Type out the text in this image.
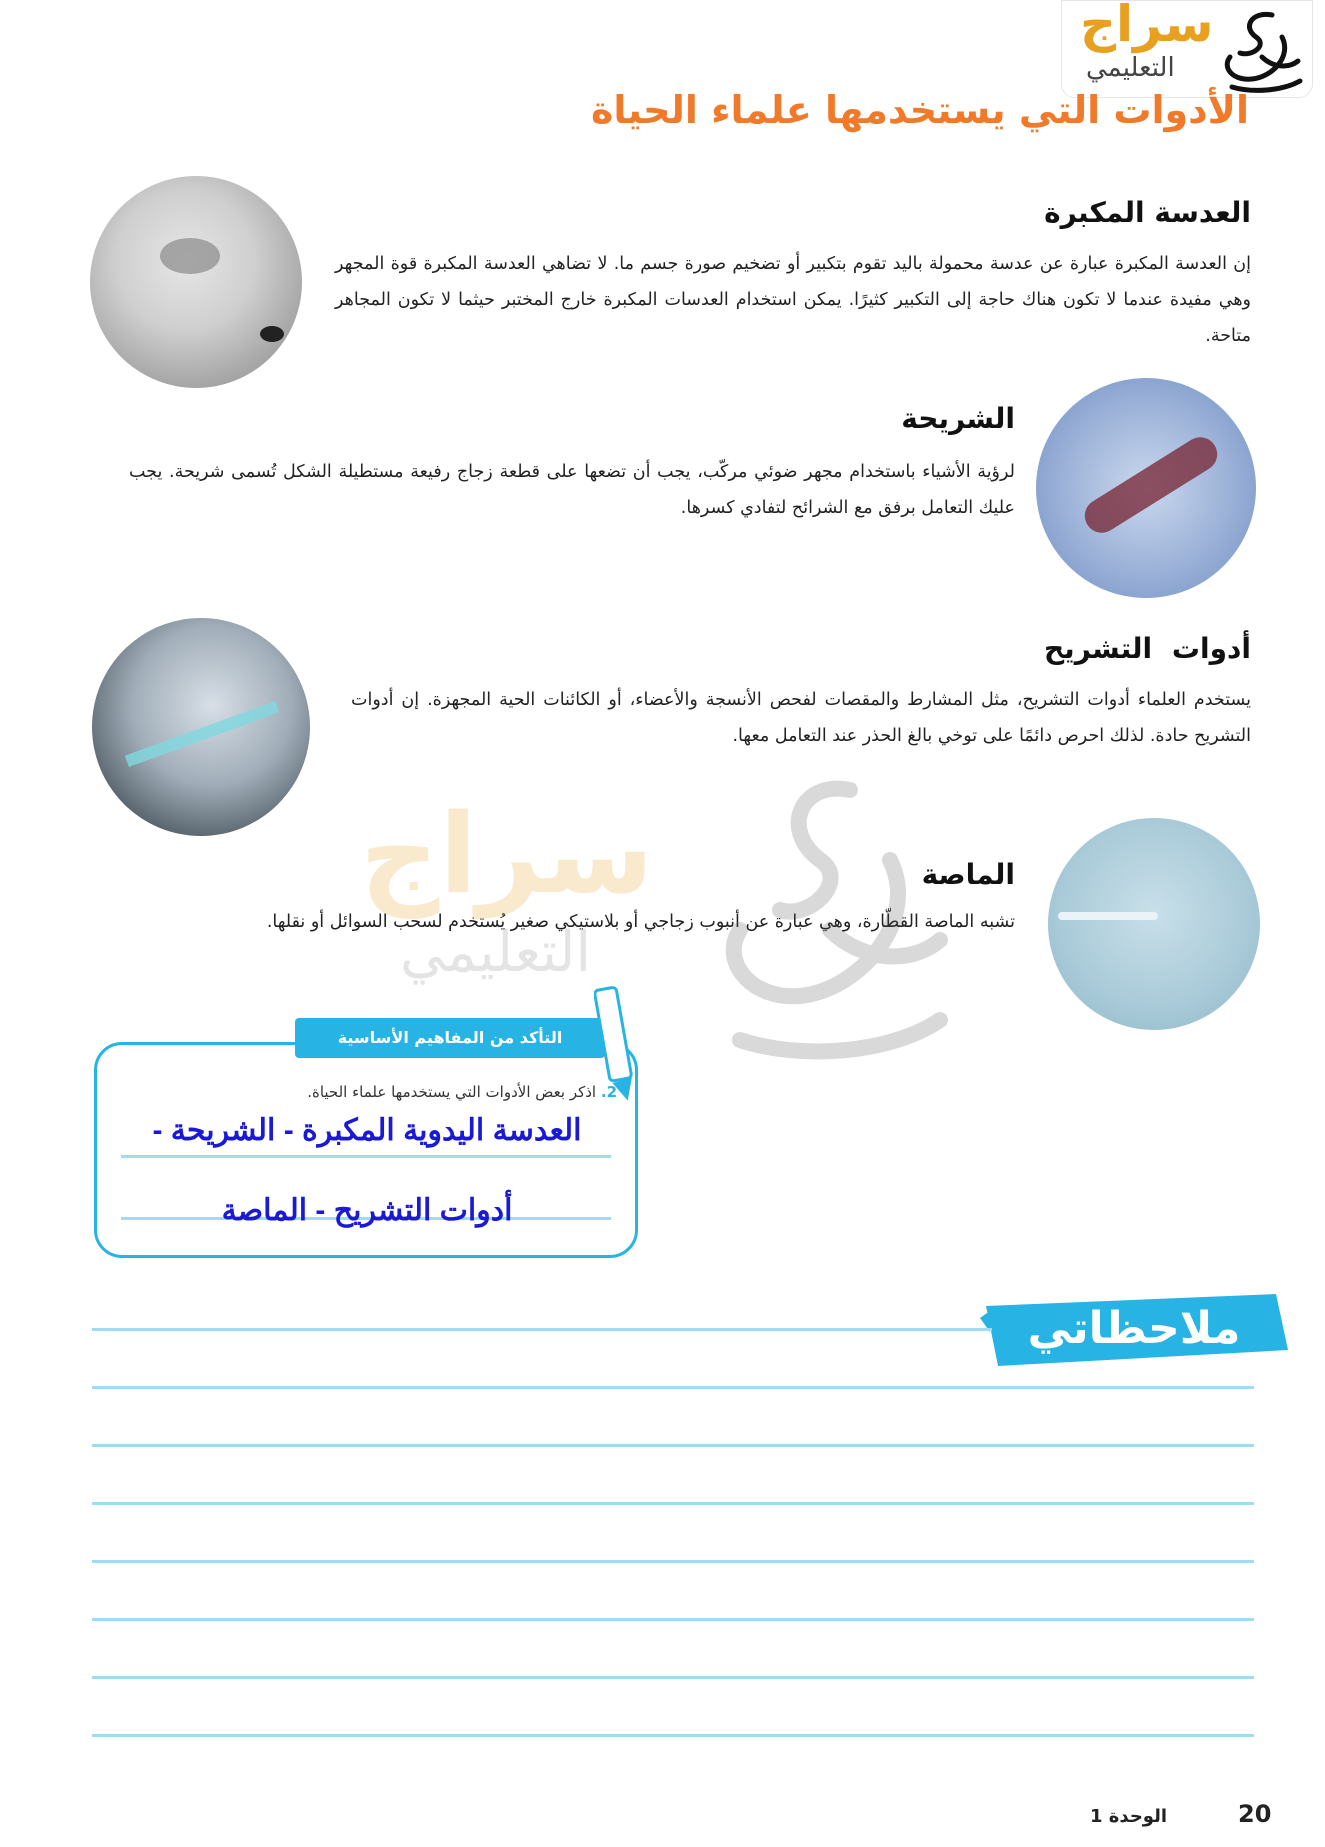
سراج
التعليمي
الأدوات التي يستخدمها علماء الحياة
العدسة المكبرة
إن العدسة المكبرة عبارة عن عدسة محمولة باليد تقوم بتكبير أو تضخيم صورة جسم ما. لا تضاهي العدسة المكبرة قوة المجهر وهي مفيدة عندما لا تكون هناك حاجة إلى التكبير كثيرًا. يمكن استخدام العدسات المكبرة خارج المختبر حيثما لا تكون المجاهر متاحة.
الشريحة
لرؤية الأشياء باستخدام مجهر ضوئي مركّب، يجب أن تضعها على قطعة زجاج رفيعة مستطيلة الشكل تُسمى شريحة. يجب عليك التعامل برفق مع الشرائح لتفادي كسرها.
أدوات التشريح
يستخدم العلماء أدوات التشريح، مثل المشارط والمقصات لفحص الأنسجة والأعضاء، أو الكائنات الحية المجهزة. إن أدوات التشريح حادة. لذلك احرص دائمًا على توخي بالغ الحذر عند التعامل معها.
الماصة
تشبه الماصة القطّارة، وهي عبارة عن أنبوب زجاجي أو بلاستيكي صغير يُستخدم لسحب السوائل أو نقلها.
سراج
التعليمي
2. اذكر بعض الأدوات التي يستخدمها علماء الحياة.
العدسة اليدوية المكبرة - الشريحة -
أدوات التشريح - الماصة
التأكد من المفاهيم الأساسية
ملاحظاتي
الوحدة 1	20
